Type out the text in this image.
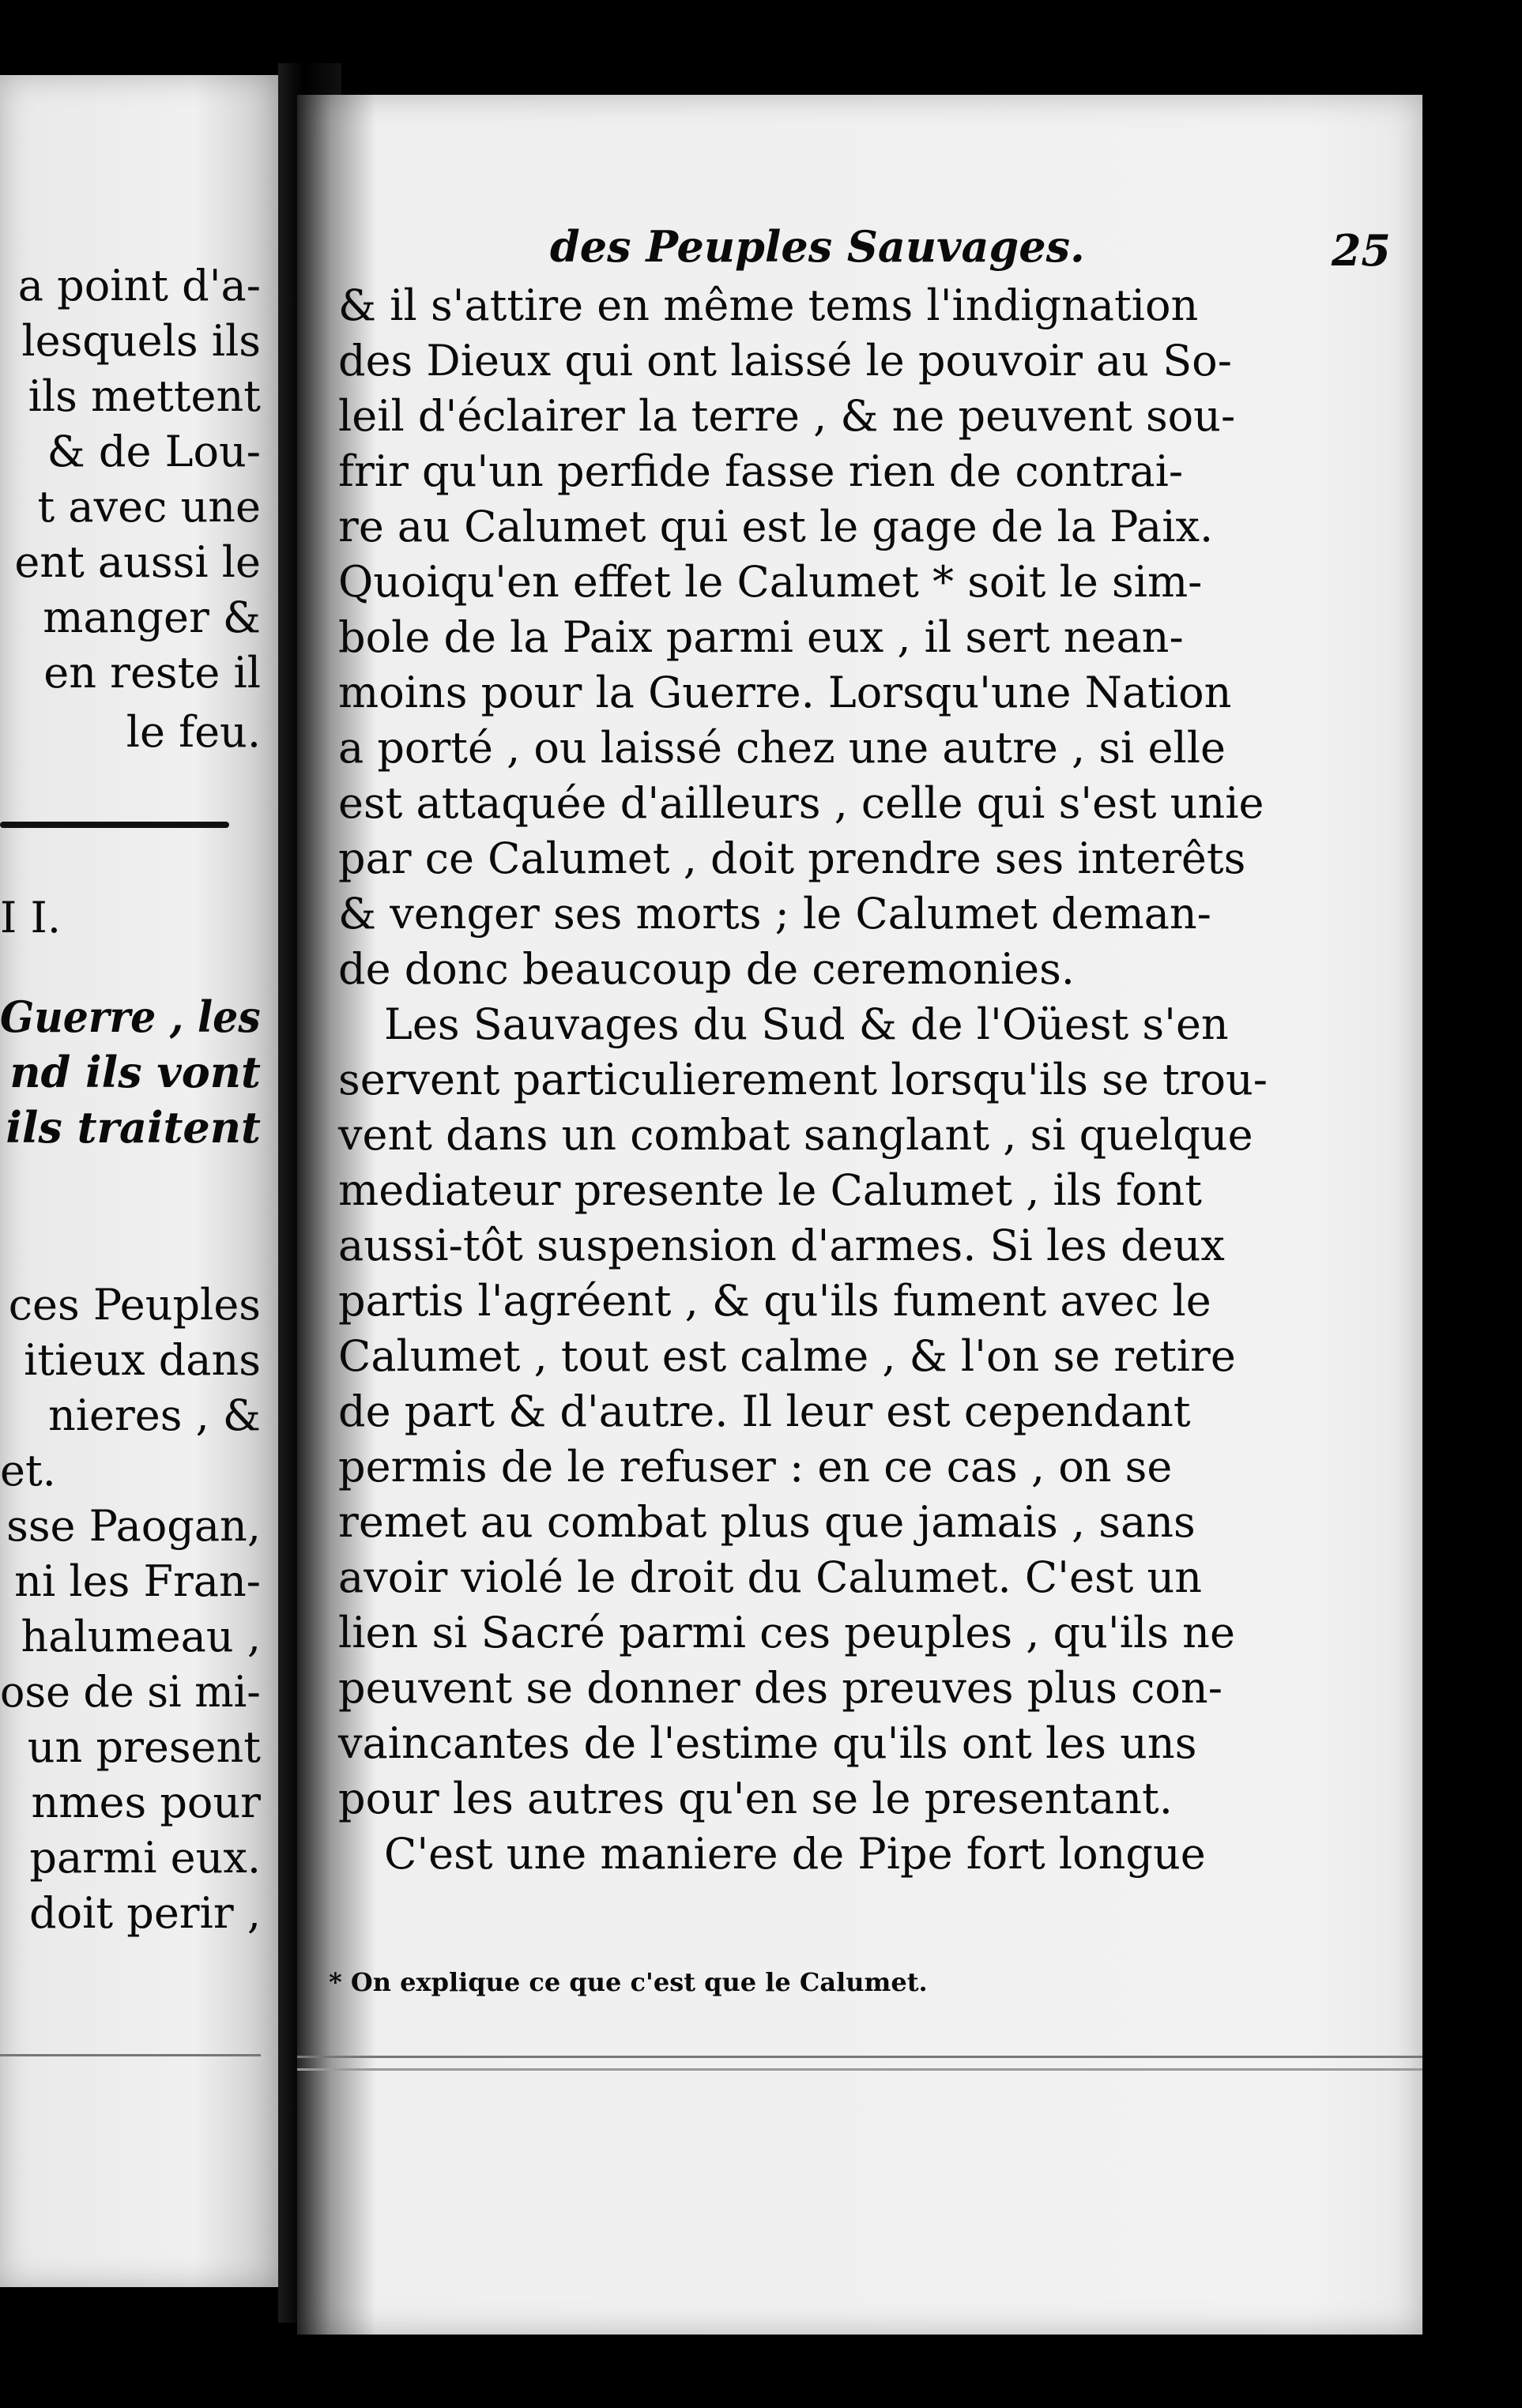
a point d'a-
lesquels ils
ils mettent
& de Lou-
t avec une
ent aussi le
manger &
en reste il
le feu.
I I.
Guerre , les
nd ils vont
ils traitent
ces Peuples
itieux dans
nieres , &
et.
sse Paogan,
ni les Fran-
halumeau ,
ose de si mi-
un present
nmes pour
parmi eux.
doit perir ,
des Peuples Sauvages.	25
& il s'attire en même tems l'indignation
des Dieux qui ont laissé le pouvoir au So-
leil d'éclairer la terre , & ne peuvent sou-
frir qu'un perfide fasse rien de contrai-
re au Calumet qui est le gage de la Paix.
Quoiqu'en effet le Calumet * soit le sim-
bole de la Paix parmi eux , il sert nean-
moins pour la Guerre. Lorsqu'une Nation
a porté , ou laissé chez une autre , si elle
est attaquée d'ailleurs , celle qui s'est unie
par ce Calumet , doit prendre ses interêts
& venger ses morts ; le Calumet deman-
de donc beaucoup de ceremonies.
Les Sauvages du Sud & de l'Oüest s'en
servent particulierement lorsqu'ils se trou-
vent dans un combat sanglant , si quelque
mediateur presente le Calumet , ils font
aussi-tôt suspension d'armes. Si les deux
partis l'agréent , & qu'ils fument avec le
Calumet , tout est calme , & l'on se retire
de part & d'autre. Il leur est cependant
permis de le refuser : en ce cas , on se
remet au combat plus que jamais , sans
avoir violé le droit du Calumet. C'est un
lien si Sacré parmi ces peuples , qu'ils ne
peuvent se donner des preuves plus con-
vaincantes de l'estime qu'ils ont les uns
pour les autres qu'en se le presentant.
C'est une maniere de Pipe fort longue
* On explique ce que c'est que le Calumet.
